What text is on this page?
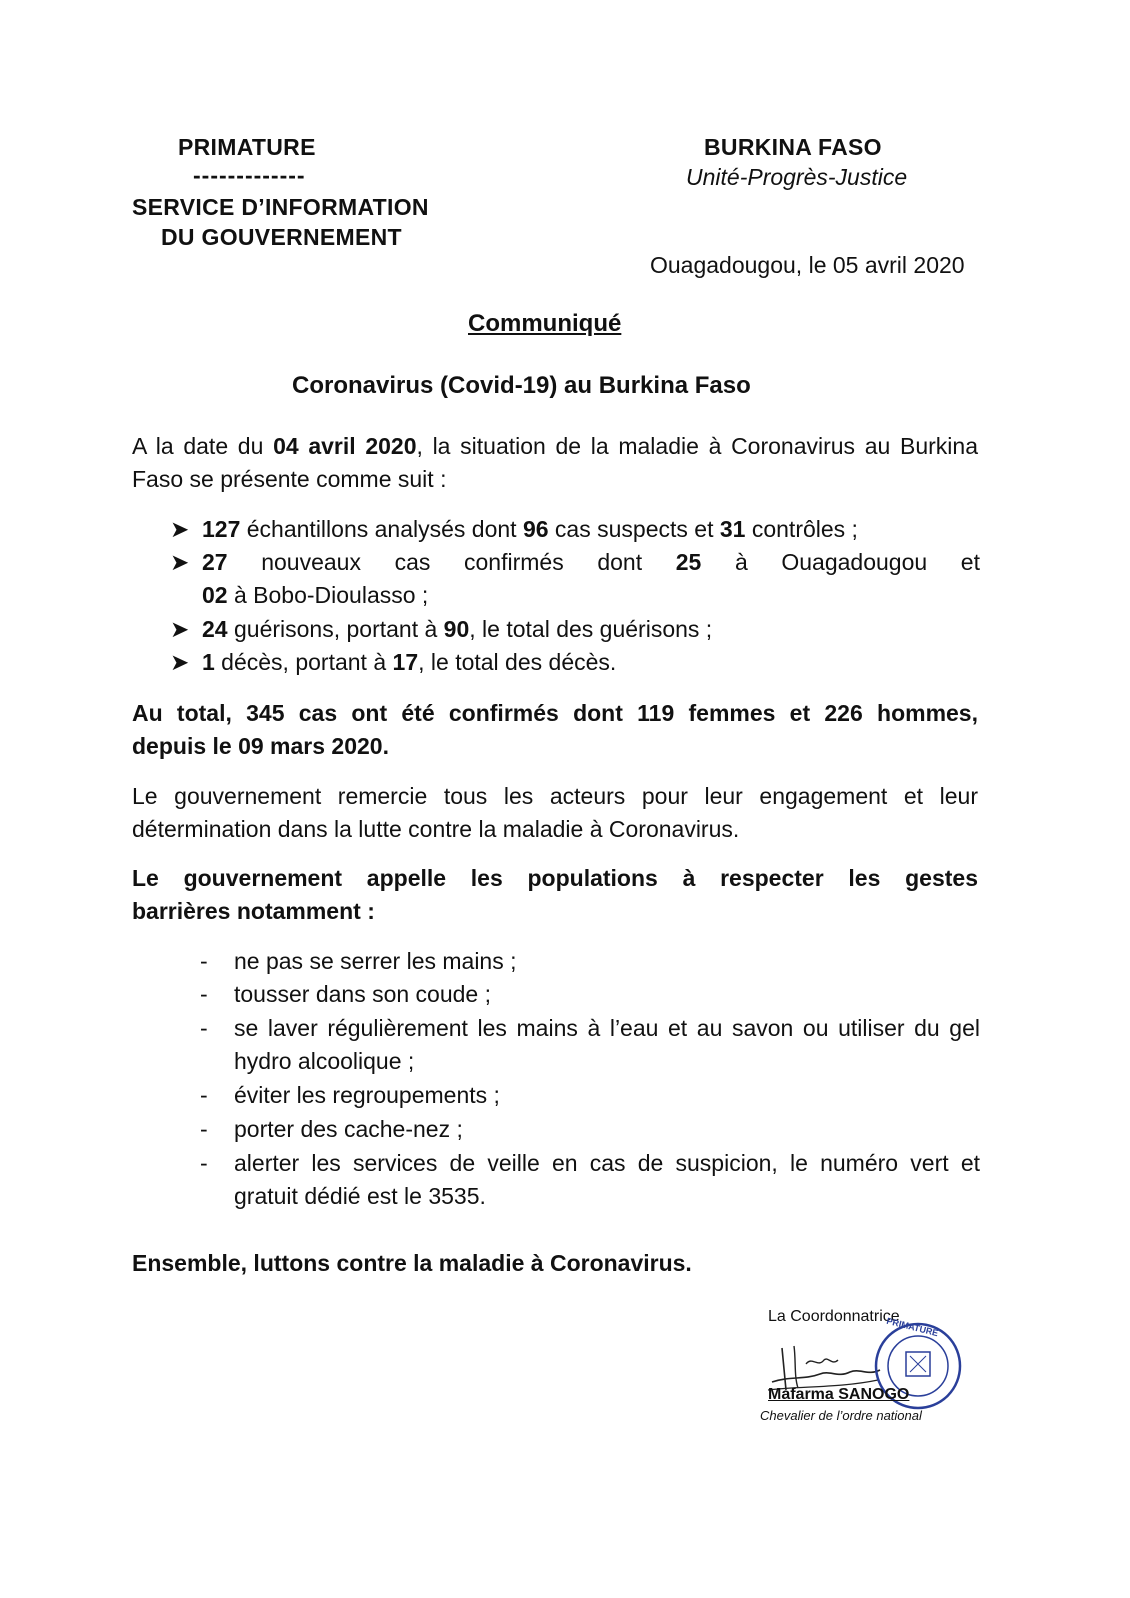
PRIMATURE
-------------
SERVICE D’INFORMATION
DU GOUVERNEMENT
BURKINA FASO
Unité-Progrès-Justice
Ouagadougou, le 05 avril 2020
Communiqué
Coronavirus (Covid-19) au Burkina Faso
A la date du 04 avril 2020, la situation de la maladie à Coronavirus au Burkina
Faso se présente comme suit :
➤ 127 échantillons analysés dont 96 cas suspects et 31 contrôles ;
➤ 27 nouveaux cas confirmés dont 25 à Ouagadougou et
02 à Bobo-Dioulasso ;
➤ 24 guérisons, portant à 90, le total des guérisons ;
➤ 1 décès, portant à 17, le total des décès.
Au total, 345 cas ont été confirmés dont 119 femmes et 226 hommes,
depuis le 09 mars 2020.
Le gouvernement remercie tous les acteurs pour leur engagement et leur
détermination dans la lutte contre la maladie à Coronavirus.
Le gouvernement appelle les populations à respecter les gestes
barrières notamment :
- ne pas se serrer les mains ;
- tousser dans son coude ;
- se laver régulièrement les mains à l’eau et au savon ou utiliser du gel
hydro alcoolique ;
- éviter les regroupements ;
- porter des cache-nez ;
- alerter les services de veille en cas de suspicion, le numéro vert et
gratuit dédié est le 3535.
Ensemble, luttons contre la maladie à Coronavirus.
La Coordonnatrice
PRIMATURE
Mafarma SANOGO
Chevalier de l’ordre national
